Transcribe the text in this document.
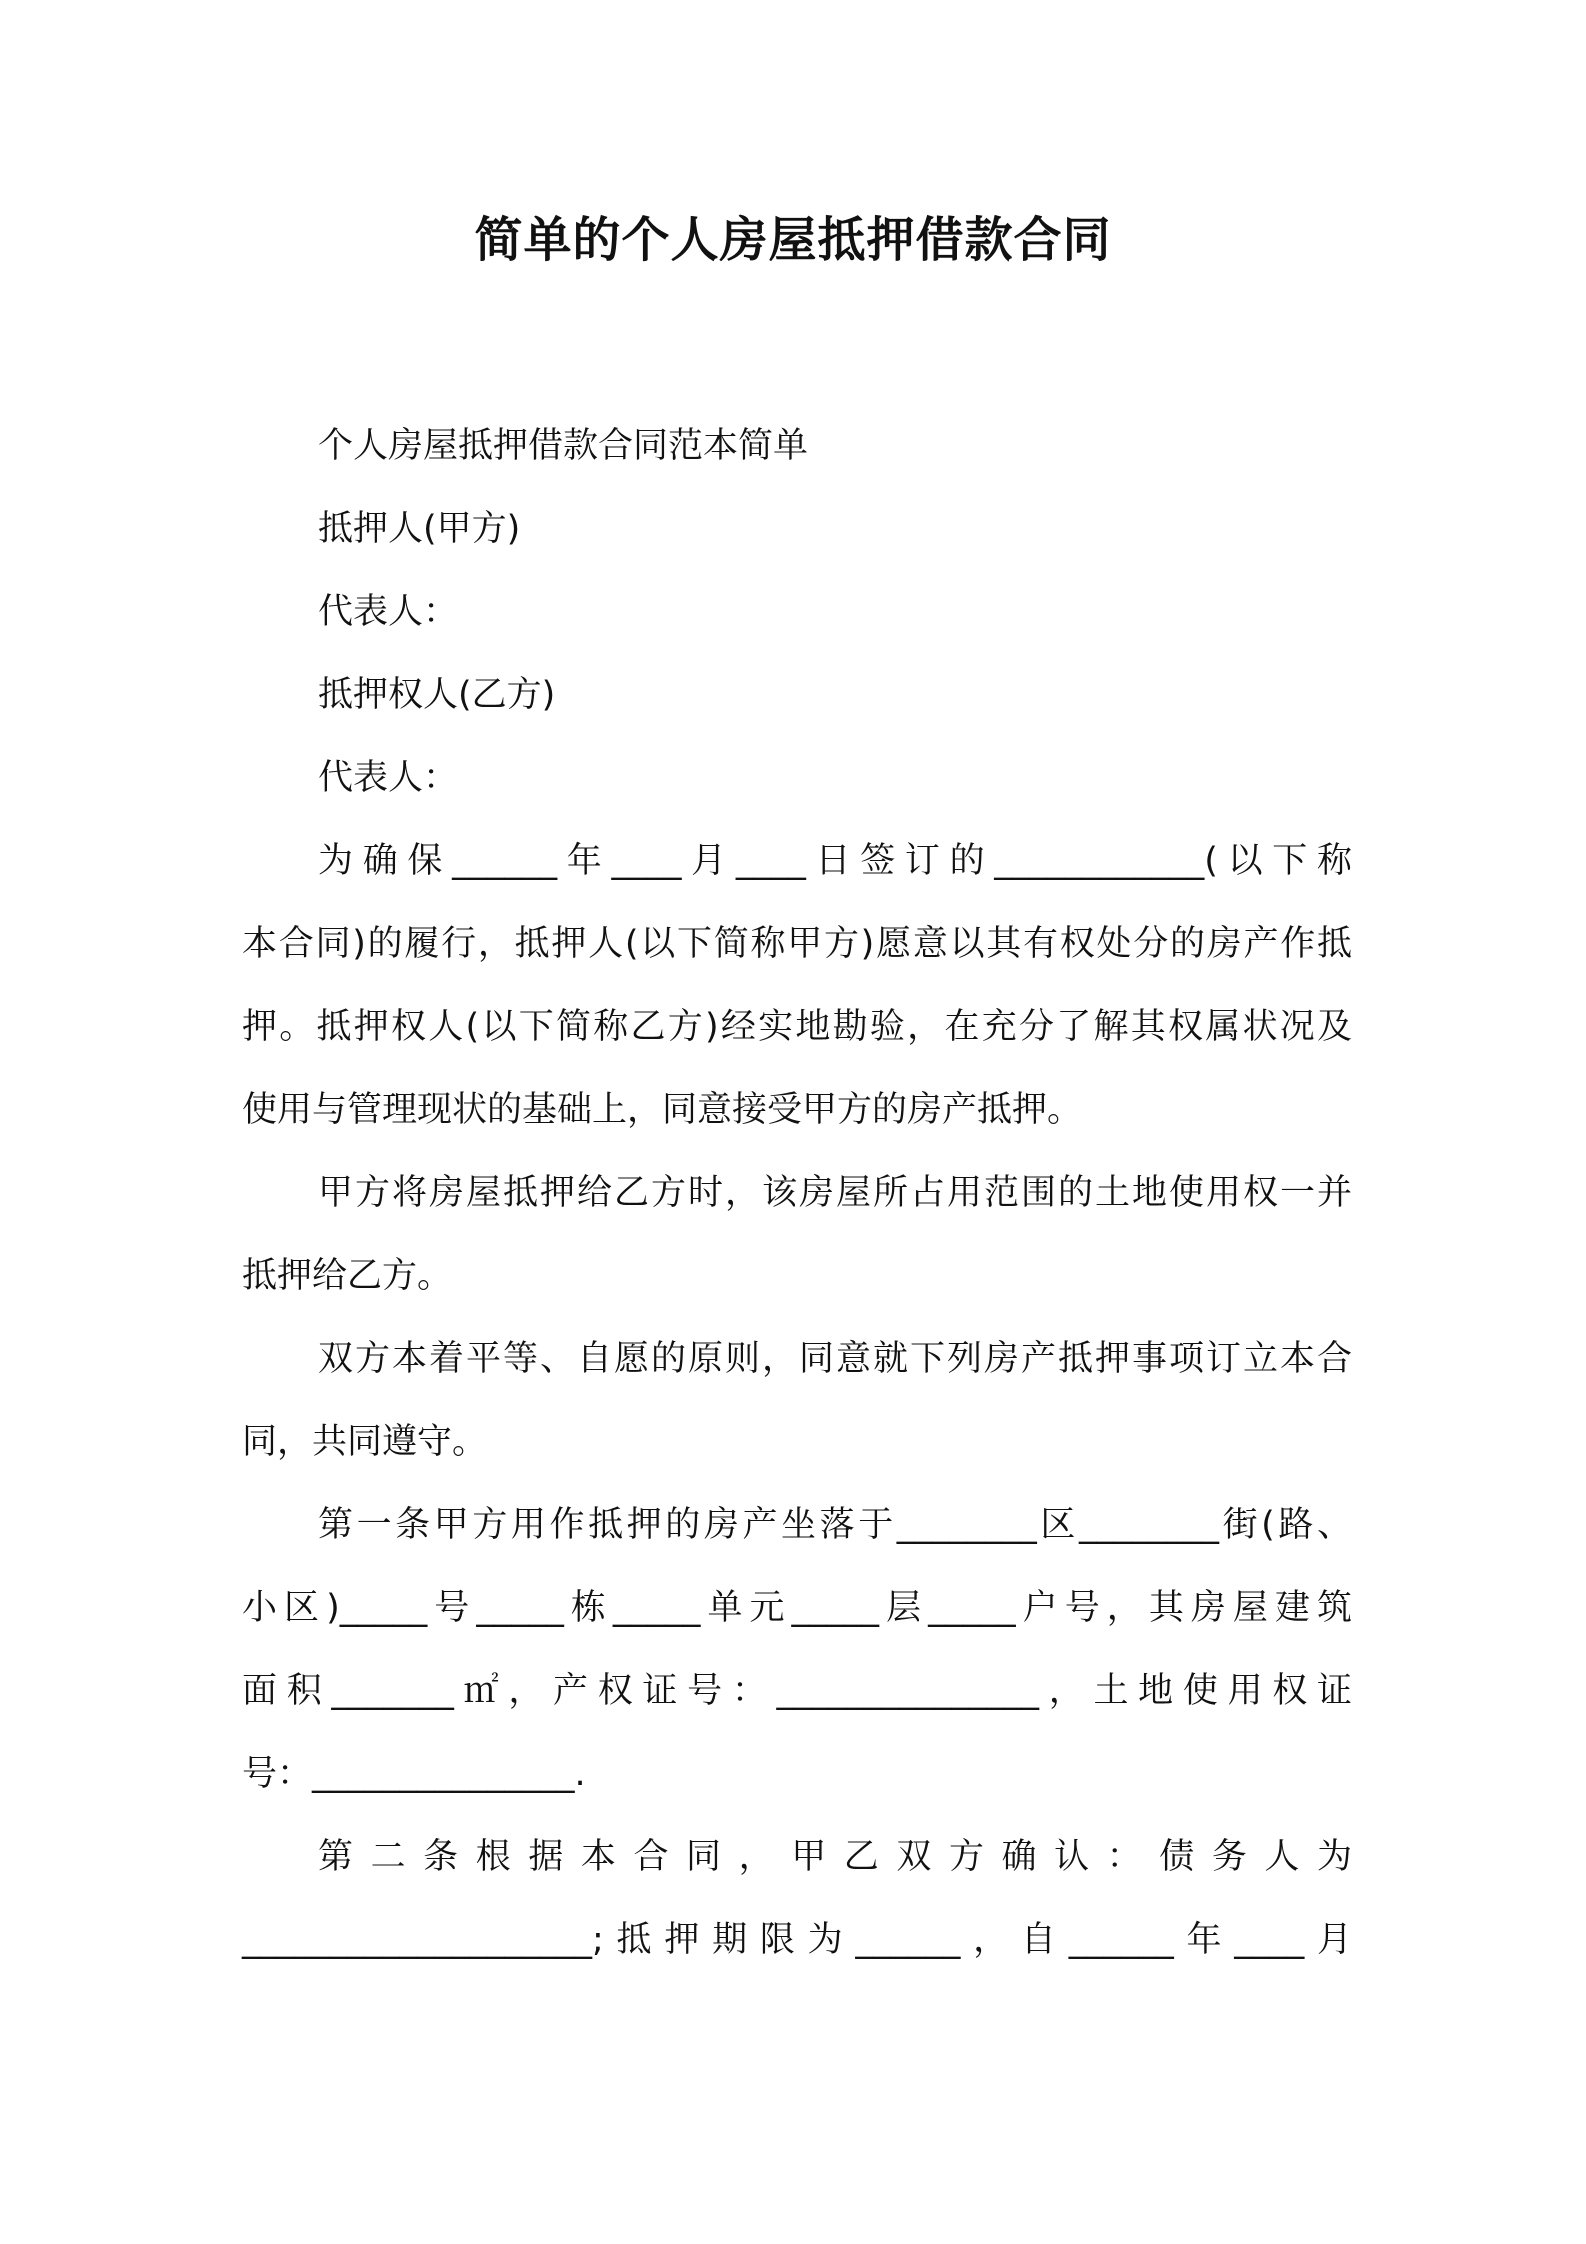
简单的个人房屋抵押借款合同
个人房屋抵押借款合同范本简单
抵押人(甲方)
代表人：
抵押权人(乙方)
代表人：
为确保______年____月____日签订的____________(以下称
本合同)的履行，抵押人(以下简称甲方)愿意以其有权处分的房产作抵
押。抵押权人(以下简称乙方)经实地勘验，在充分了解其权属状况及
使用与管理现状的基础上，同意接受甲方的房产抵押。
甲方将房屋抵押给乙方时，该房屋所占用范围的土地使用权一并
抵押给乙方。
双方本着平等、自愿的原则，同意就下列房产抵押事项订立本合
同，共同遵守。
第一条甲方用作抵押的房产坐落于________区________街(路、
小区)_____号_____栋_____单元_____层_____户号，其房屋建筑
面积_______㎡，产权证号：_______________，土地使用权证
号：_______________.
第二条根据本合同，甲乙双方确认：债务人为
____________________;抵押期限为______，自______年____月
